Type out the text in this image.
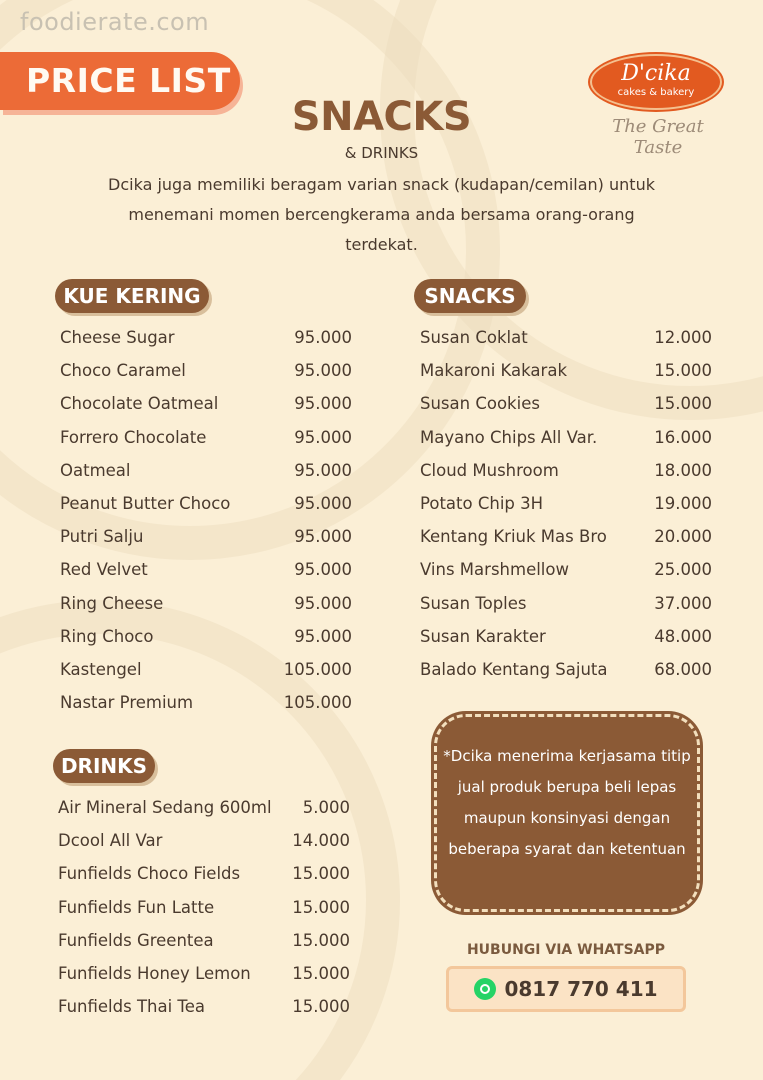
foodierate.com
PRICE LIST	D'cika
cakes & bakery
The Great Taste
SNACKS
& DRINKS
Dcika juga memiliki beragam varian snack (kudapan/cemilan) untuk menemani momen bercengkerama anda bersama orang-orang terdekat.
KUE KERING
Cheese Sugar	95.000
Choco Caramel	95.000
Chocolate Oatmeal	95.000
Forrero Chocolate	95.000
Oatmeal	95.000
Peanut Butter Choco	95.000
Putri Salju	95.000
Red Velvet	95.000
Ring Cheese	95.000
Ring Choco	95.000
Kastengel	105.000
Nastar Premium	105.000
SNACKS
Susan Coklat	12.000
Makaroni Kakarak	15.000
Susan Cookies	15.000
Mayano Chips All Var.	16.000
Cloud Mushroom	18.000
Potato Chip 3H	19.000
Kentang Kriuk Mas Bro	20.000
Vins Marshmellow	25.000
Susan Toples	37.000
Susan Karakter	48.000
Balado Kentang Sajuta	68.000
DRINKS
Air Mineral Sedang 600ml 5.000
Dcool All Var	14.000
Funfields Choco Fields	15.000
Funfields Fun Latte	15.000
Funfields Greentea	15.000
Funfields Honey Lemon	15.000
Funfields Thai Tea	15.000
*Dcika menerima kerjasama titip jual produk berupa beli lepas maupun konsinyasi dengan beberapa syarat dan ketentuan
HUBUNGI VIA WHATSAPP
0817 770 411
